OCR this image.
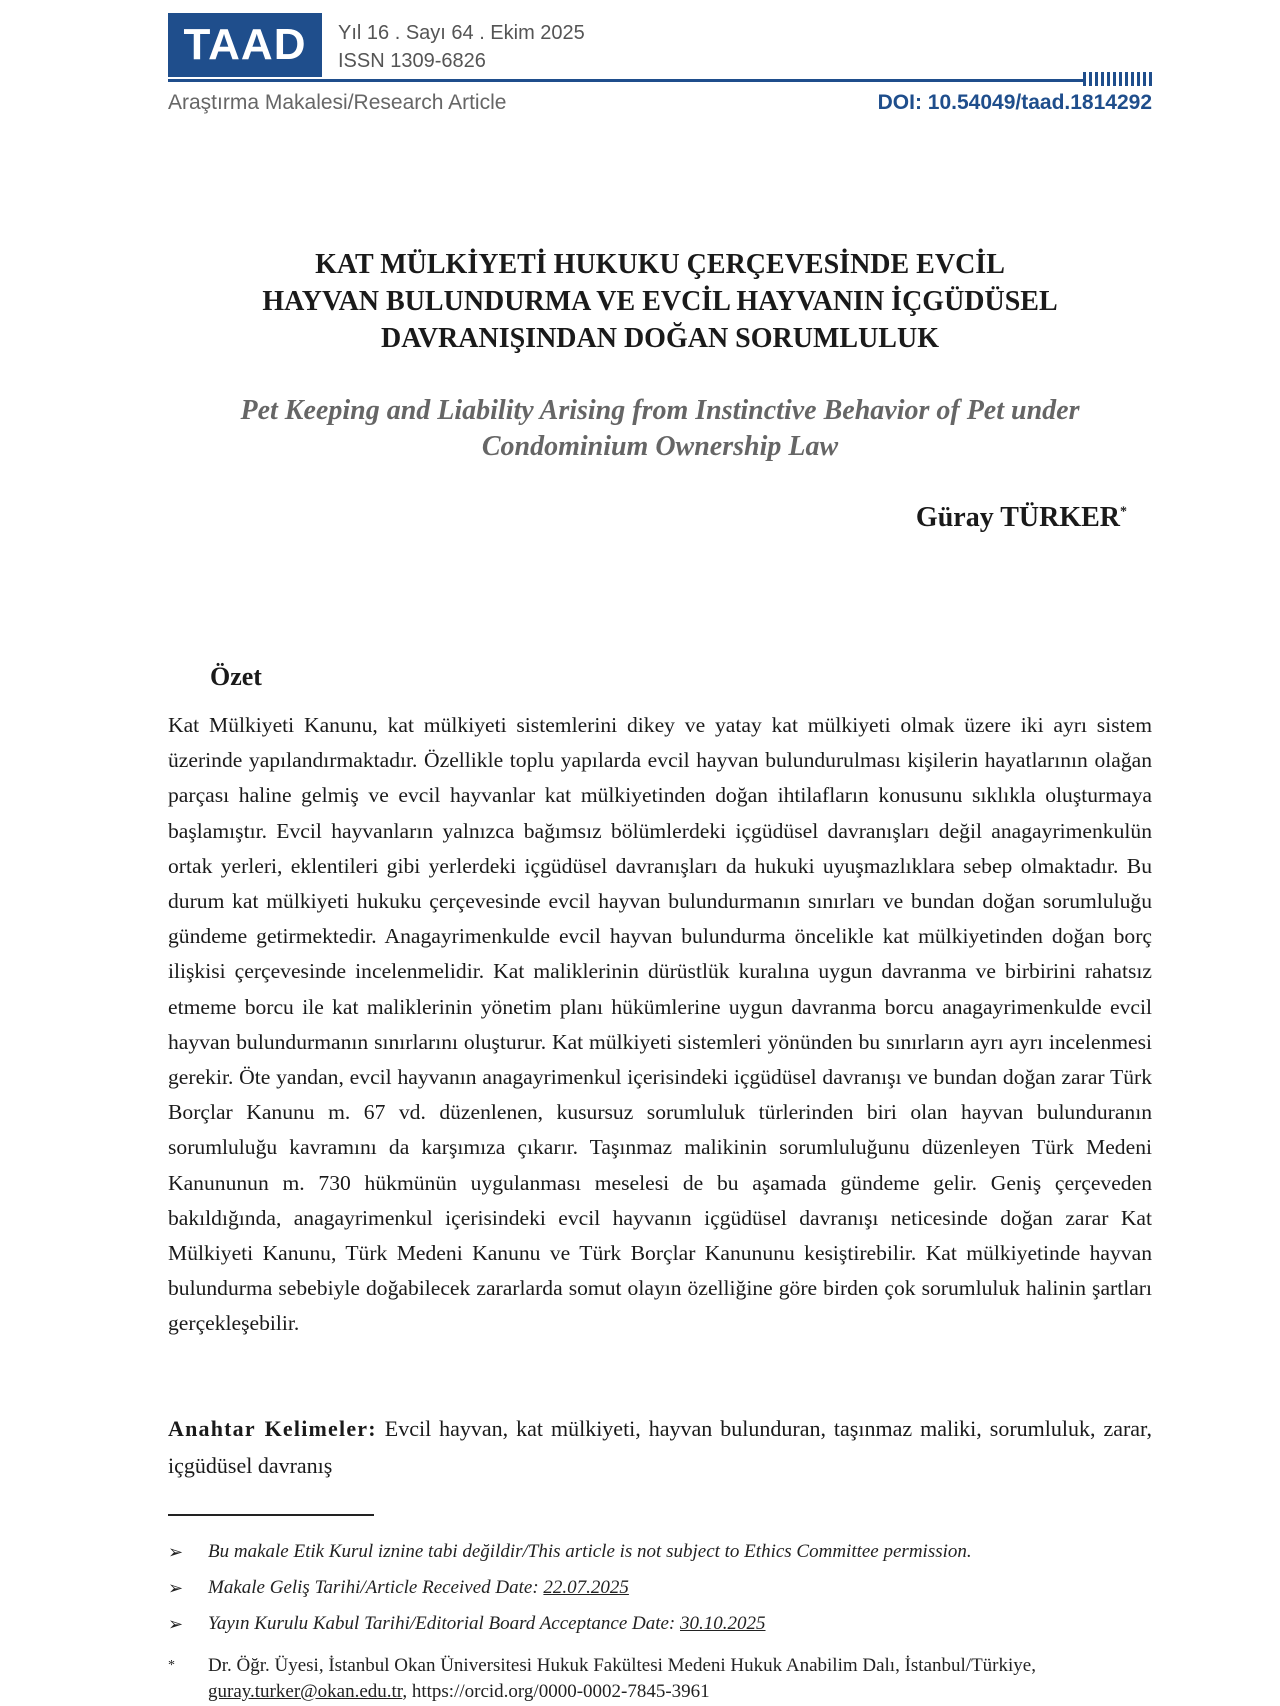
TAAD	Yıl 16 . Sayı 64 . Ekim 2025
ISSN 1309-6826
Araştırma Makalesi/Research Article	DOI: 10.54049/taad.1814292
KAT MÜLKİYETİ HUKUKU ÇERÇEVESİNDE EVCİL
HAYVAN BULUNDURMA VE EVCİL HAYVANIN İÇGÜDÜSEL
DAVRANIŞINDAN DOĞAN SORUMLULUK
Pet Keeping and Liability Arising from Instinctive Behavior of Pet under
Condominium Ownership Law
Güray TÜRKER*
Özet

Kat Mülkiyeti Kanunu, kat mülkiyeti sistemlerini dikey ve yatay kat mülkiyeti olmak üzere iki ayrı sistem üzerinde yapılandırmaktadır. Özellikle toplu yapılarda evcil hayvan bulundurulması kişilerin hayatlarının olağan parçası haline gelmiş ve evcil hayvanlar kat mülkiyetinden doğan ihtilafların konusunu sıklıkla oluşturmaya başlamıştır. Evcil hayvanların yalnızca bağımsız bölümlerdeki içgüdüsel davranışları değil anagayrimenkulün ortak yerleri, eklentileri gibi yerlerdeki içgüdüsel davranışları da hukuki uyuşmazlıklara sebep olmaktadır. Bu durum kat mülkiyeti hukuku çerçevesinde evcil hayvan bulundurmanın sınırları ve bundan doğan sorumluluğu gündeme getirmektedir. Anagayrimenkulde evcil hayvan bulundurma öncelikle kat mülkiyetinden doğan borç ilişkisi çerçevesinde incelenmelidir. Kat maliklerinin dürüstlük kuralına uygun davranma ve birbirini rahatsız etmeme borcu ile kat maliklerinin yönetim planı hükümlerine uygun davranma borcu anagayrimenkulde evcil hayvan bulundurmanın sınırlarını oluşturur. Kat mülkiyeti sistemleri yönünden bu sınırların ayrı ayrı incelenmesi gerekir. Öte yandan, evcil hayvanın anagayrimenkul içerisindeki içgüdüsel davranışı ve bundan doğan zarar Türk Borçlar Kanunu m. 67 vd. düzenlenen, kusursuz sorumluluk türlerinden biri olan hayvan bulunduranın sorumluluğu kavramını da karşımıza çıkarır. Taşınmaz malikinin sorumluluğunu düzenleyen Türk Medeni Kanununun m. 730 hükmünün uygulanması meselesi de bu aşamada gündeme gelir. Geniş çerçeveden bakıldığında, anagayrimenkul içerisindeki evcil hayvanın içgüdüsel davranışı neticesinde doğan zarar Kat Mülkiyeti Kanunu, Türk Medeni Kanunu ve Türk Borçlar Kanununu kesiştirebilir. Kat mülkiyetinde hayvan bulundurma sebebiyle doğabilecek zararlarda somut olayın özelliğine göre birden çok sorumluluk halinin şartları gerçekleşebilir.

Anahtar Kelimeler: Evcil hayvan, kat mülkiyeti, hayvan bulunduran, taşınmaz maliki, sorumluluk, zarar, içgüdüsel davranış

➢	Bu makale Etik Kurul iznine tabi değildir/This article is not subject to Ethics Committee permission.
➢	Makale Geliş Tarihi/Article Received Date: 22.07.2025
➢	Yayın Kurulu Kabul Tarihi/Editorial Board Acceptance Date: 30.10.2025
*	Dr. Öğr. Üyesi, İstanbul Okan Üniversitesi Hukuk Fakültesi Medeni Hukuk Anabilim Dalı, İstanbul/Türkiye,
guray.turker@okan.edu.tr, https://orcid.org/0000-0002-7845-3961
